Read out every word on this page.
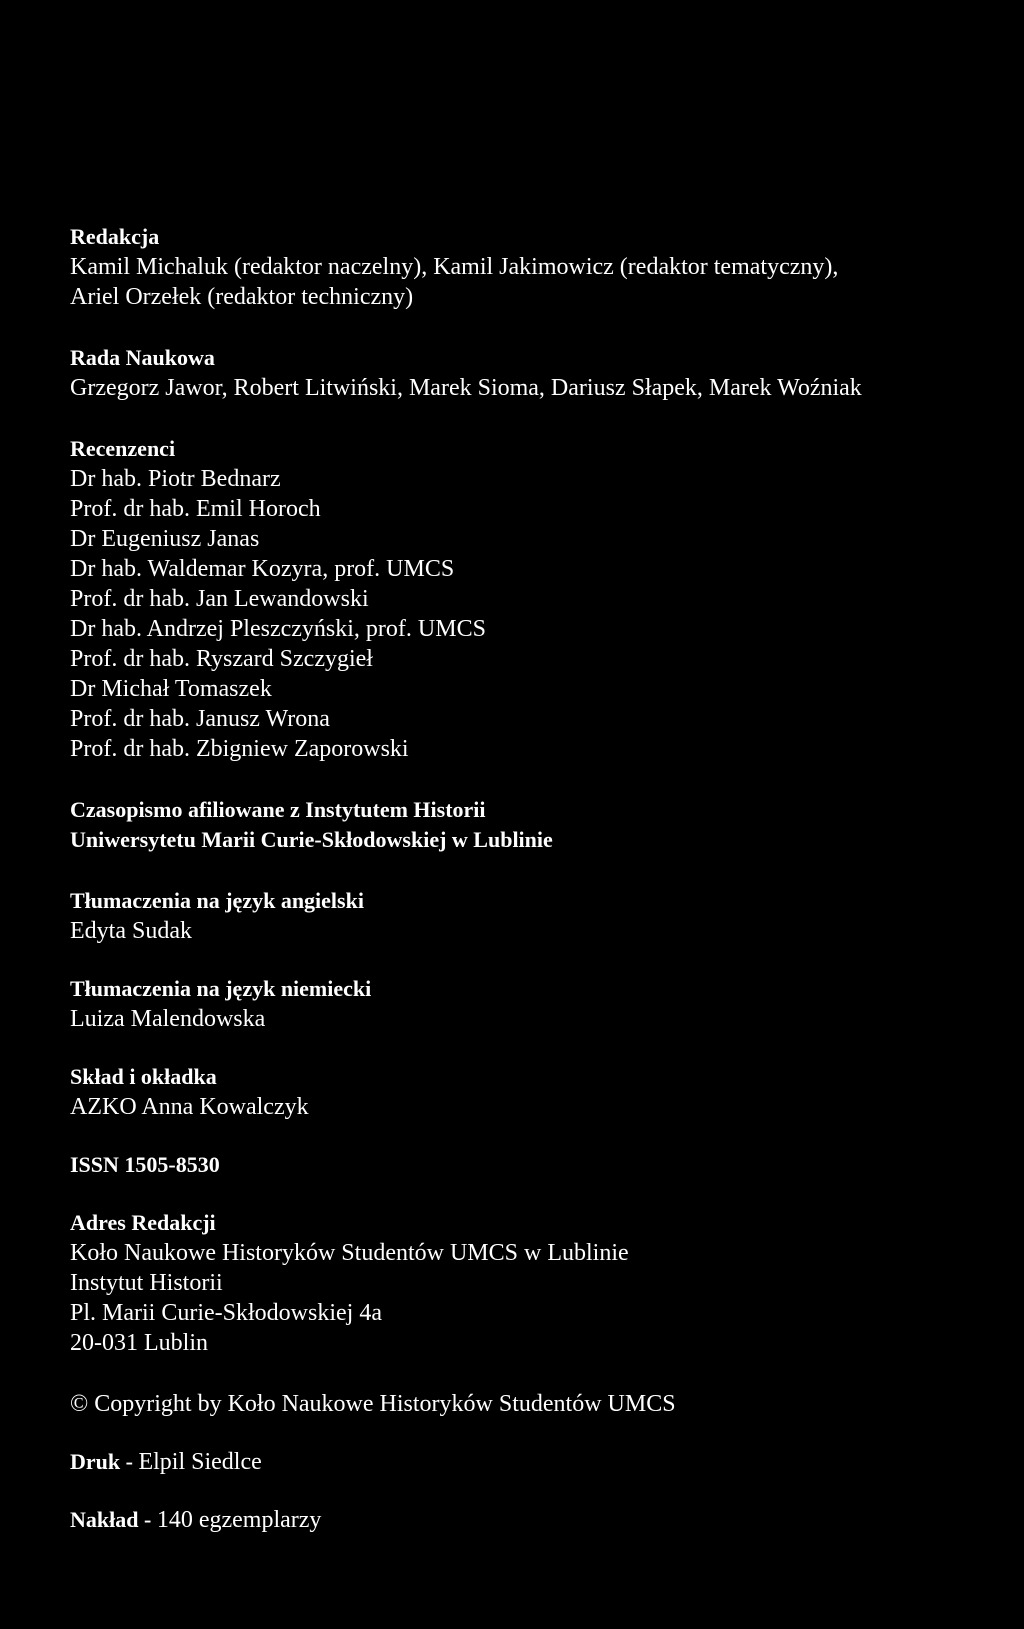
Redakcja

Kamil Michaluk (redaktor naczelny), Kamil Jakimowicz (redaktor tematyczny),

Ariel Orzełek (redaktor techniczny)

Rada Naukowa

Grzegorz Jawor, Robert Litwiński, Marek Sioma, Dariusz Słapek, Marek Woźniak

Recenzenci

Dr hab. Piotr Bednarz

Prof. dr hab. Emil Horoch

Dr Eugeniusz Janas

Dr hab. Waldemar Kozyra, prof. UMCS

Prof. dr hab. Jan Lewandowski

Dr hab. Andrzej Pleszczyński, prof. UMCS

Prof. dr hab. Ryszard Szczygieł

Dr Michał Tomaszek

Prof. dr hab. Janusz Wrona

Prof. dr hab. Zbigniew Zaporowski

Czasopismo afiliowane z Instytutem Historii

Uniwersytetu Marii Curie-Skłodowskiej w Lublinie

Tłumaczenia na język angielski

Edyta Sudak

Tłumaczenia na język niemiecki

Luiza Malendowska

Skład i okładka

AZKO Anna Kowalczyk

ISSN 1505-8530

Adres Redakcji

Koło Naukowe Historyków Studentów UMCS w Lublinie

Instytut Historii

Pl. Marii Curie-Skłodowskiej 4a

20-031 Lublin

© Copyright by Koło Naukowe Historyków Studentów UMCS

Druk - Elpil Siedlce
Nakład - 140 egzemplarzy
